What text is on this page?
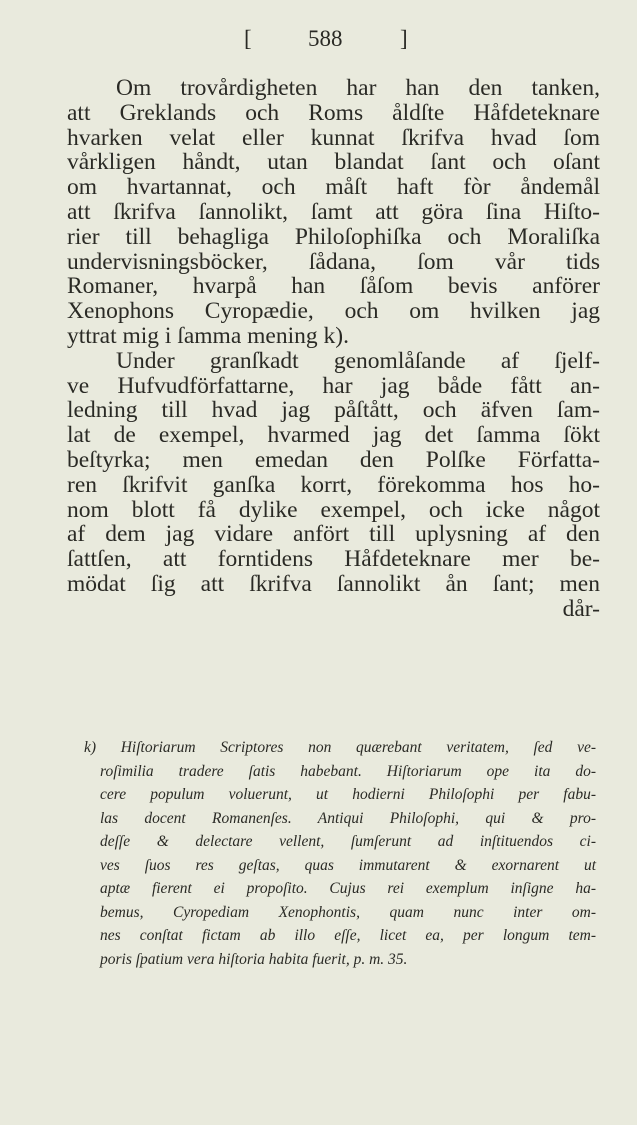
[ 588	]
Om trovårdigheten har han den tanken,
att Greklands och Roms åldſte Håfdeteknare
hvarken velat eller kunnat ſkrifva hvad ſom
vårkligen håndt, utan blandat ſant och oſant
om hvartannat, och måſt haft fòr åndemål
att ſkrifva ſannolikt, ſamt att göra ſina Hiſto-
rier till behagliga Philoſophiſka och Moraliſka
undervisningsböcker, ſådana, ſom vår tids
Romaner, hvarpå han ſåſom bevis anförer
Xenophons Cyropædie, och om hvilken jag
yttrat mig i ſamma mening k).
Under granſkadt genomlåſande af ſjelf-
ve Hufvudförfattarne, har jag både fått an-
ledning till hvad jag påſtått, och äfven ſam-
lat de exempel, hvarmed jag det ſamma ſökt
beſtyrka; men emedan den Polſke Författa-
ren ſkrifvit ganſka korrt, förekomma hos ho-
nom blott få dylike exempel, och icke något
af dem jag vidare anfört till uplysning af den
ſattſen, att forntidens Håfdeteknare mer be-
mödat ſig att ſkrifva ſannolikt ån ſant; men
dår-
k) Hiſtoriarum Scriptores non quærebant veritatem, ſed ve-
roſimilia tradere ſatis habebant. Hiſtoriarum ope ita do-
cere populum voluerunt, ut hodierni Philoſophi per fabu-
las docent Romanenſes. Antiqui Philoſophi, qui & pro-
deſſe & delectare vellent, ſumſerunt ad inſtituendos ci-
ves ſuos res geſtas, quas immutarent & exornarent ut
aptæ fierent ei propoſito. Cujus rei exemplum inſigne ha-
bemus, Cyropediam Xenophontis, quam nunc inter om-
nes conſtat fictam ab illo eſſe, licet ea, per longum tem-
poris ſpatium vera hiſtoria habita fuerit, p. m. 35.
